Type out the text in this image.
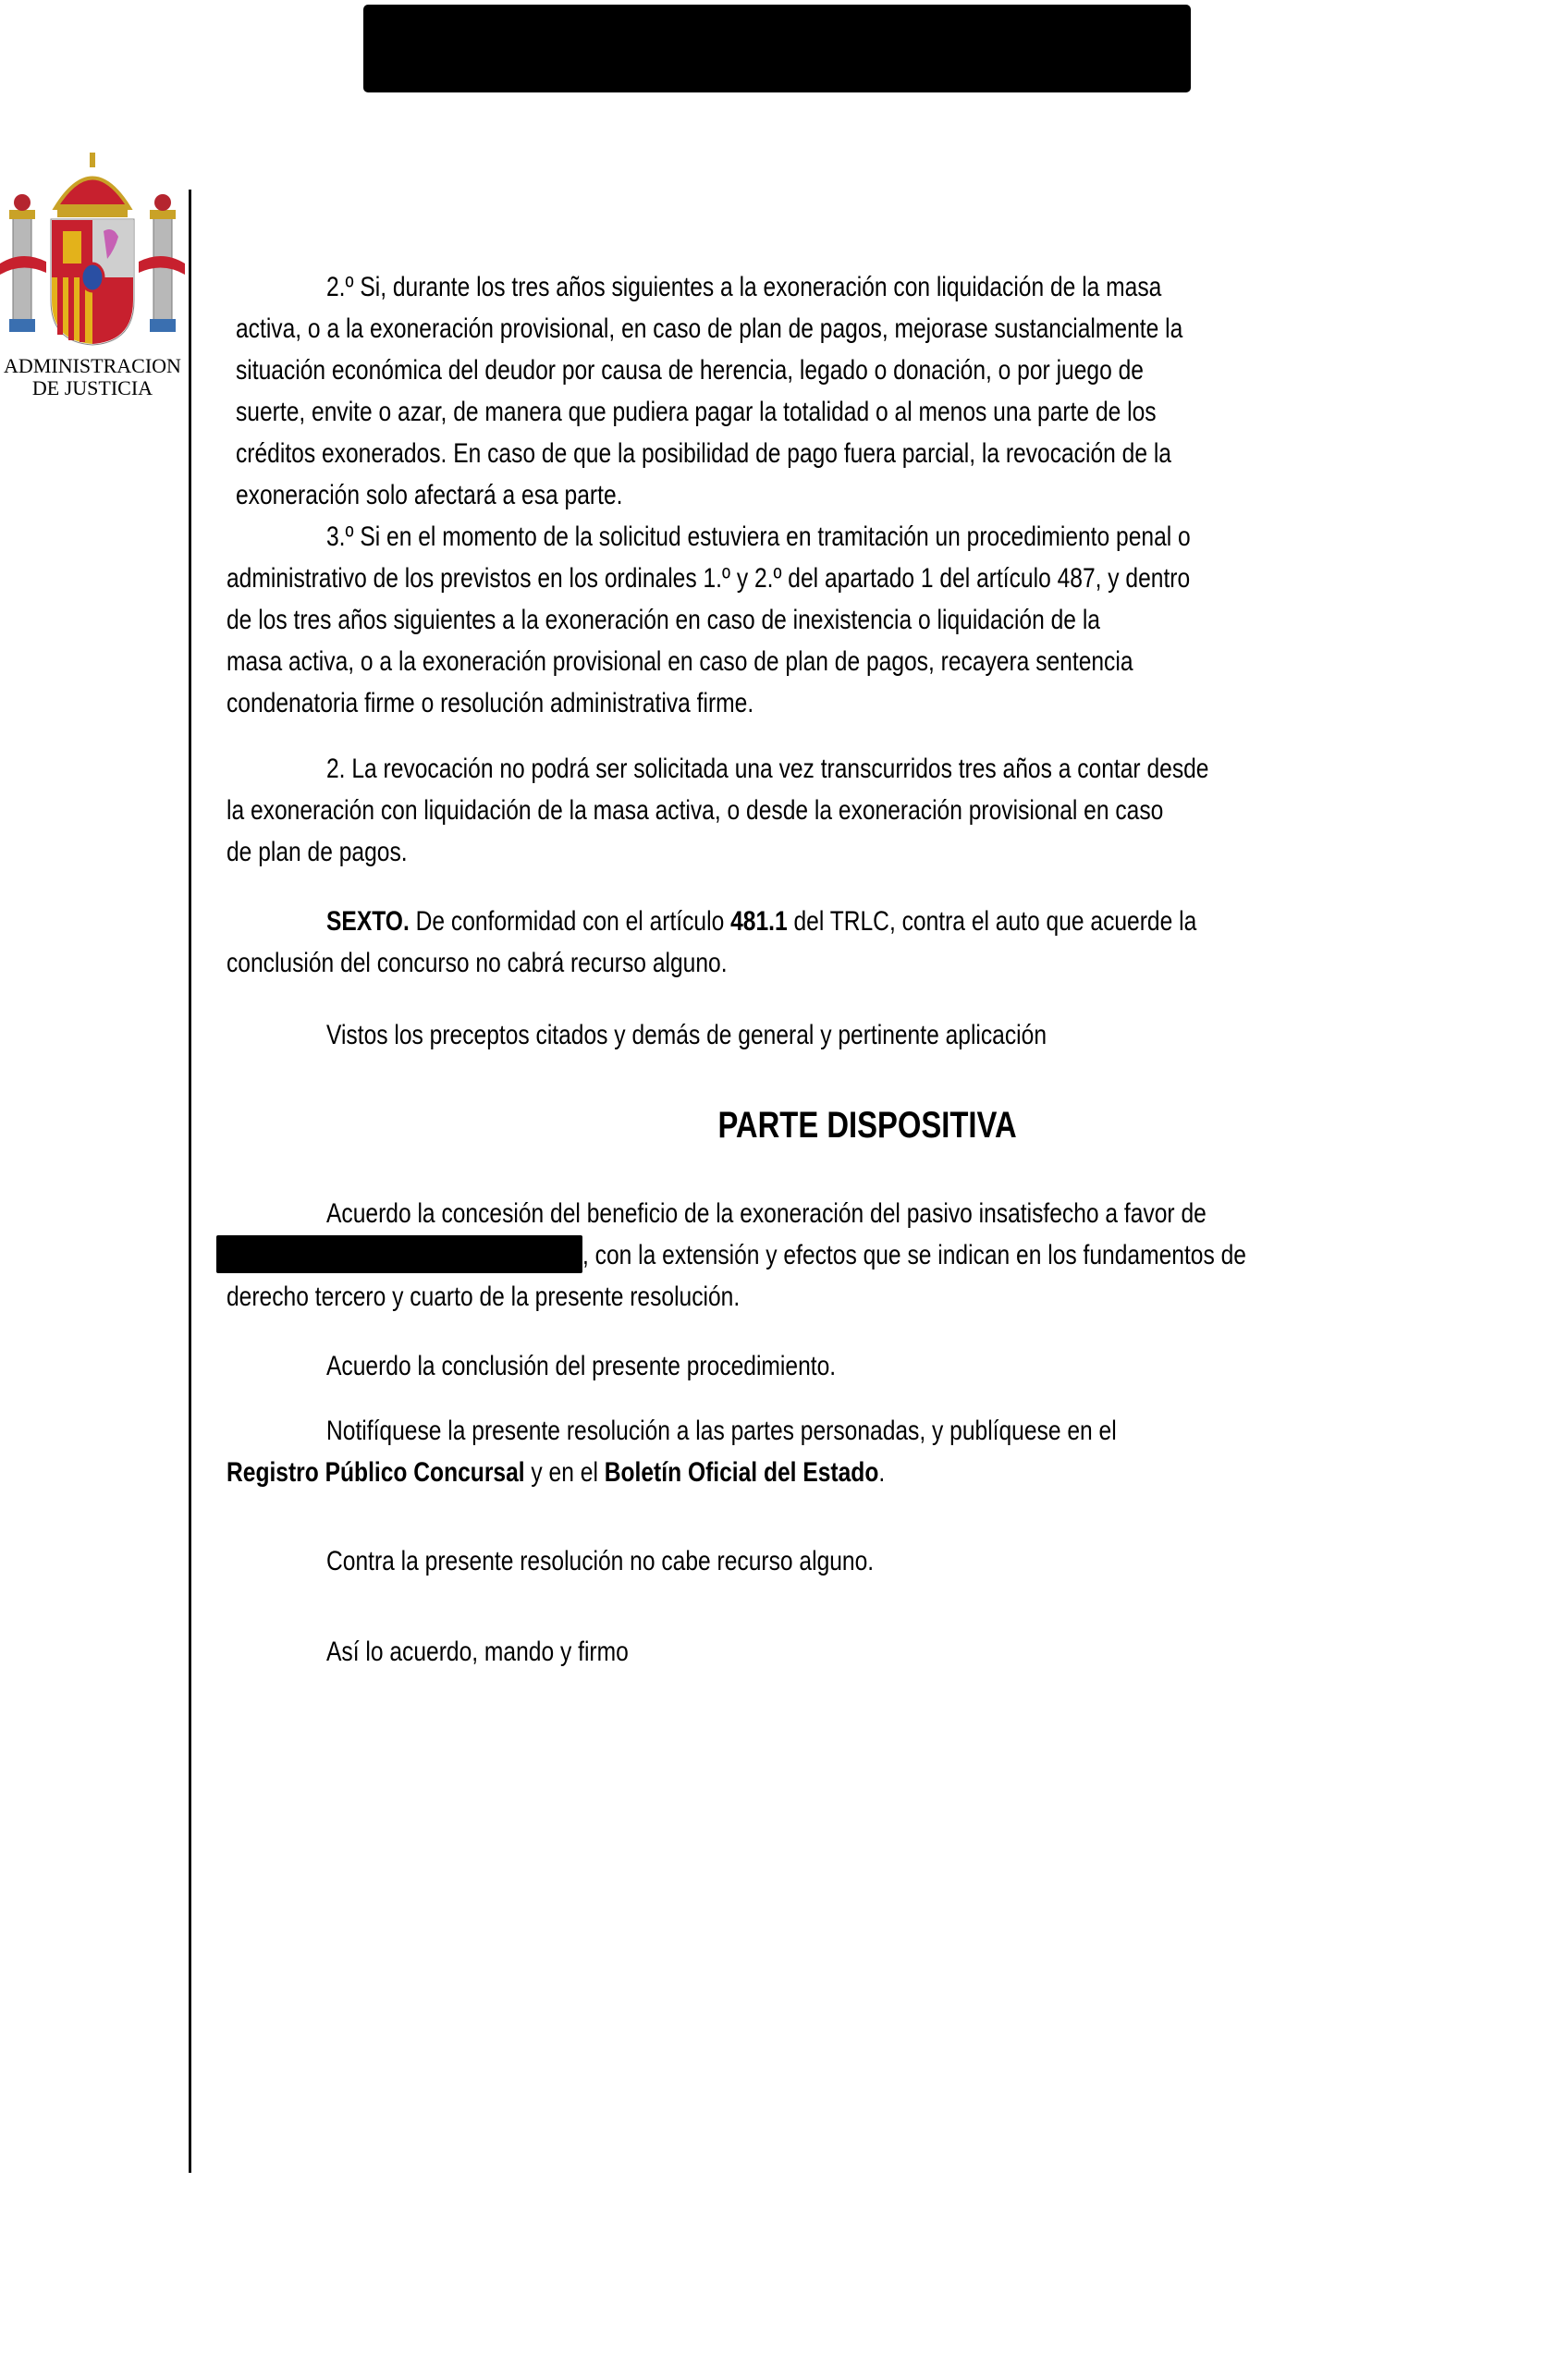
ADMINISTRACION
DE JUSTICIA
2.º Si, durante los tres años siguientes a la exoneración con liquidación de la masa
activa, o a la exoneración provisional, en caso de plan de pagos, mejorase sustancialmente la
situación económica del deudor por causa de herencia, legado o donación, o por juego de
suerte, envite o azar, de manera que pudiera pagar la totalidad o al menos una parte de los
créditos exonerados. En caso de que la posibilidad de pago fuera parcial, la revocación de la
exoneración solo afectará a esa parte.
3.º Si en el momento de la solicitud estuviera en tramitación un procedimiento penal o
administrativo de los previstos en los ordinales 1.º y 2.º del apartado 1 del artículo 487, y dentro
de los tres años siguientes a la exoneración en caso de inexistencia o liquidación de la
masa activa, o a la exoneración provisional en caso de plan de pagos, recayera sentencia
condenatoria firme o resolución administrativa firme.
2. La revocación no podrá ser solicitada una vez transcurridos tres años a contar desde
la exoneración con liquidación de la masa activa, o desde la exoneración provisional en caso
de plan de pagos.
SEXTO. De conformidad con el artículo 481.1 del TRLC, contra el auto que acuerde la
conclusión del concurso no cabrá recurso alguno.
Vistos los preceptos citados y demás de general y pertinente aplicación
PARTE DISPOSITIVA
Acuerdo la concesión del beneficio de la exoneración del pasivo insatisfecho a favor de
, con la extensión y efectos que se indican en los fundamentos de
derecho tercero y cuarto de la presente resolución.
Acuerdo la conclusión del presente procedimiento.
Notifíquese la presente resolución a las partes personadas, y publíquese en el
Registro Público Concursal y en el Boletín Oficial del Estado.
Contra la presente resolución no cabe recurso alguno.
Así lo acuerdo, mando y firmo
